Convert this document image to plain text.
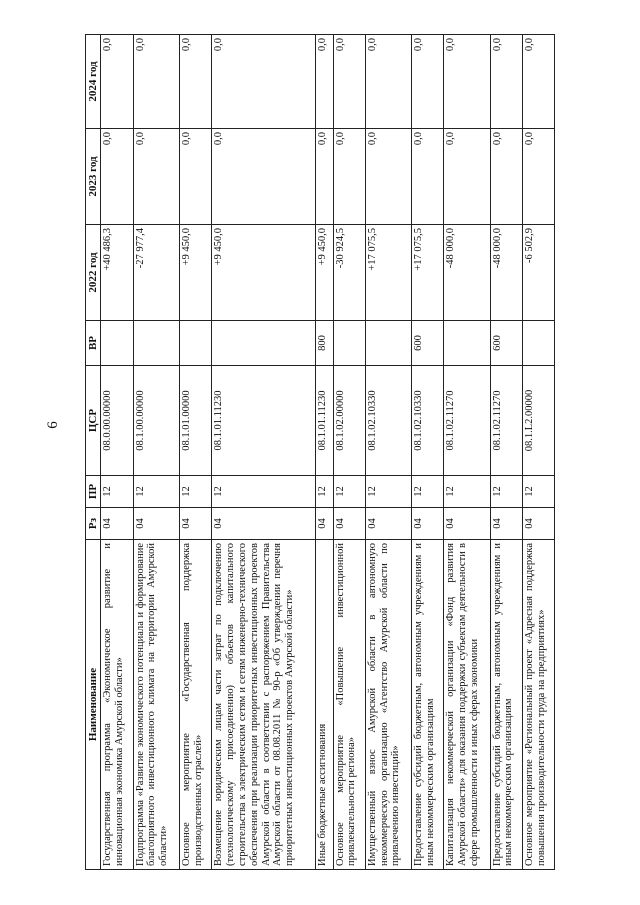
6
Наименование	Рз	ПР	ЦСР	ВР	2022 год	2023 год	2024 год
Государственная программа «Экономическое развитие и инновационная экономика Амурской области»	04	12	08.0.00.00000		+40 486,3	0,0	0,0
Подпрограмма «Развитие экономического потенциала и формирование благоприятного инвестиционного климата на территории Амурской области»	04	12	08.1.00.00000		-27 977,4	0,0	0,0
Основное мероприятие «Государственная поддержка производственных отраслей»	04	12	08.1.01.00000		+9 450,0	0,0	0,0
Возмещение юридическим лицам части затрат по подключению (технологическому присоединению) объектов капитального строительства к электрическим сетям и сетям инженерно-технического обеспечения при реализации приоритетных инвестиционных проектов Амурской области в соответствии с распоряжением Правительства Амурской области от 08.08.2011 № 90-р «Об утверждении перечня приоритетных инвестиционных проектов Амурской области»	04	12	08.1.01.11230		+9 450,0	0,0	0,0
Иные бюджетные ассигнования	04	12	08.1.01.11230	800	+9 450,0	0,0	0,0
Основное мероприятие «Повышение инвестиционной привлекательности региона»	04	12	08.1.02.00000		-30 924,5	0,0	0,0
Имущественный взнос Амурской области в автономную некоммерческую организацию «Агентство Амурской области по привлечению инвестиций»	04	12	08.1.02.10330		+17 075,5	0,0	0,0
Предоставление субсидий бюджетным, автономным учреждениям и иным некоммерческим организациям	04	12	08.1.02.10330	600	+17 075,5	0,0	0,0
Капитализация некоммерческой организации «Фонд развития Амурской области» для оказания поддержки субъектам деятельности в сфере промышленности и иных сферах экономики	04	12	08.1.02.11270		-48 000,0	0,0	0,0
Предоставление субсидий бюджетным, автономным учреждениям и иным некоммерческим организациям	04	12	08.1.02.11270	600	-48 000,0	0,0	0,0
Основное мероприятие «Региональный проект «Адресная поддержка повышения производительности труда на предприятиях»	04	12	08.1.L2.00000		-6 502,9	0,0	0,0
